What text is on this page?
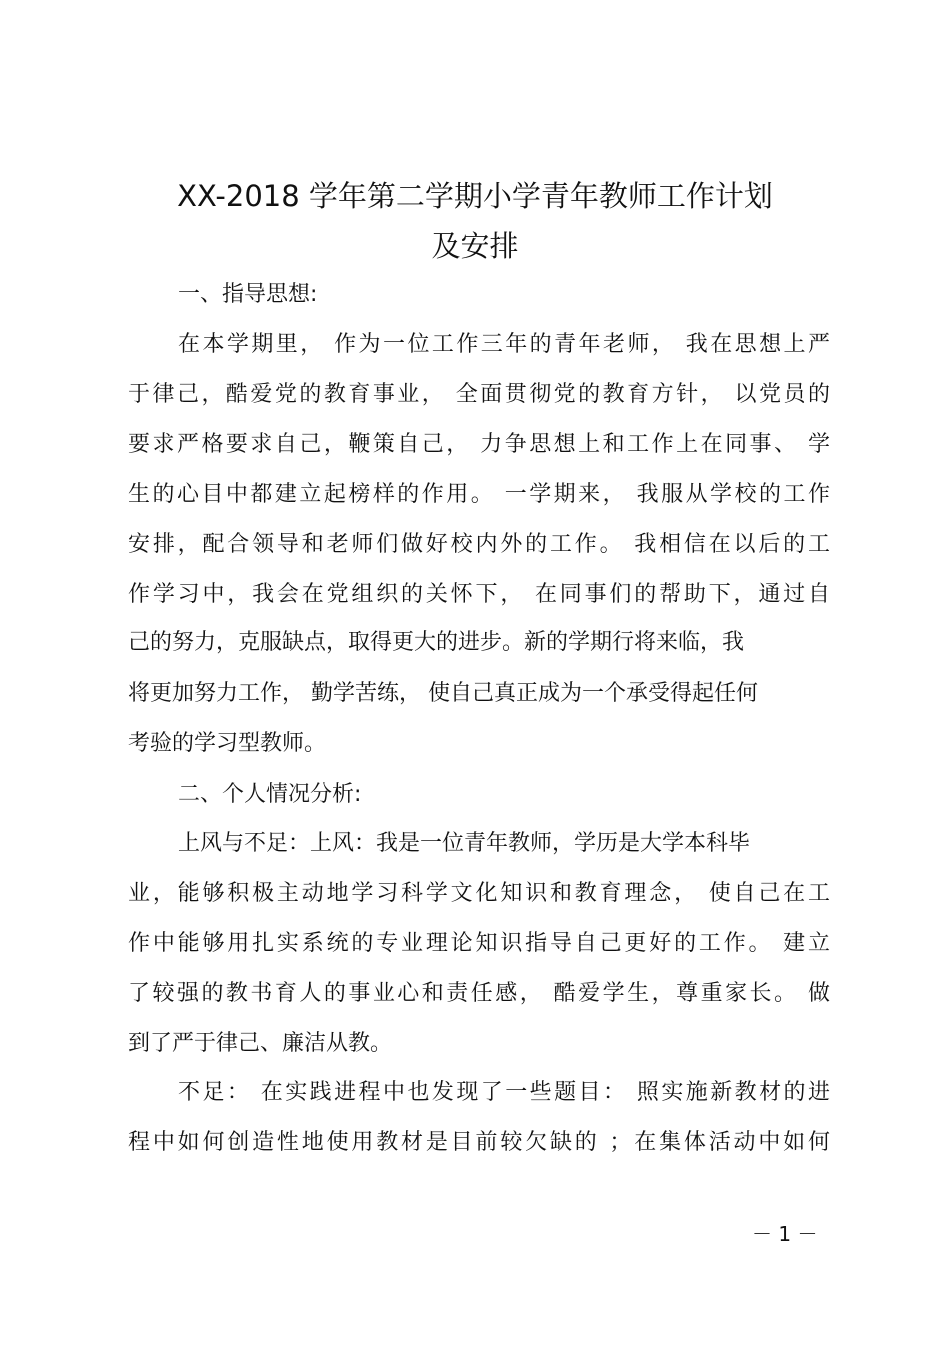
XX-2018 学年第二学期小学青年教师工作计划
及安排
一、指导思想:
在本学期里， 作为一位工作三年的青年老师， 我在思想上严
于律己，酷爱党的教育事业， 全面贯彻党的教育方针， 以党员的
要求严格要求自己，鞭策自己， 力争思想上和工作上在同事、 学
生的心目中都建立起榜样的作用。 一学期来， 我服从学校的工作
安排，配合领导和老师们做好校内外的工作。 我相信在以后的工
作学习中，我会在党组织的关怀下， 在同事们的帮助下，通过自
己的努力，克服缺点，取得更大的进步。新的学期行将来临，我
将更加努力工作， 勤学苦练， 使自己真正成为一个承受得起任何
考验的学习型教师。
二、个人情况分析:
上风与不足：上风：我是一位青年教师，学历是大学本科毕
业，能够积极主动地学习科学文化知识和教育理念， 使自己在工
作中能够用扎实系统的专业理论知识指导自己更好的工作。 建立
了较强的教书育人的事业心和责任感， 酷爱学生，尊重家长。 做
到了严于律己、廉洁从教。
不足： 在实践进程中也发现了一些题目： 照实施新教材的进
程中如何创造性地使用教材是目前较欠缺的 ；在集体活动中如何
－ 1 －
